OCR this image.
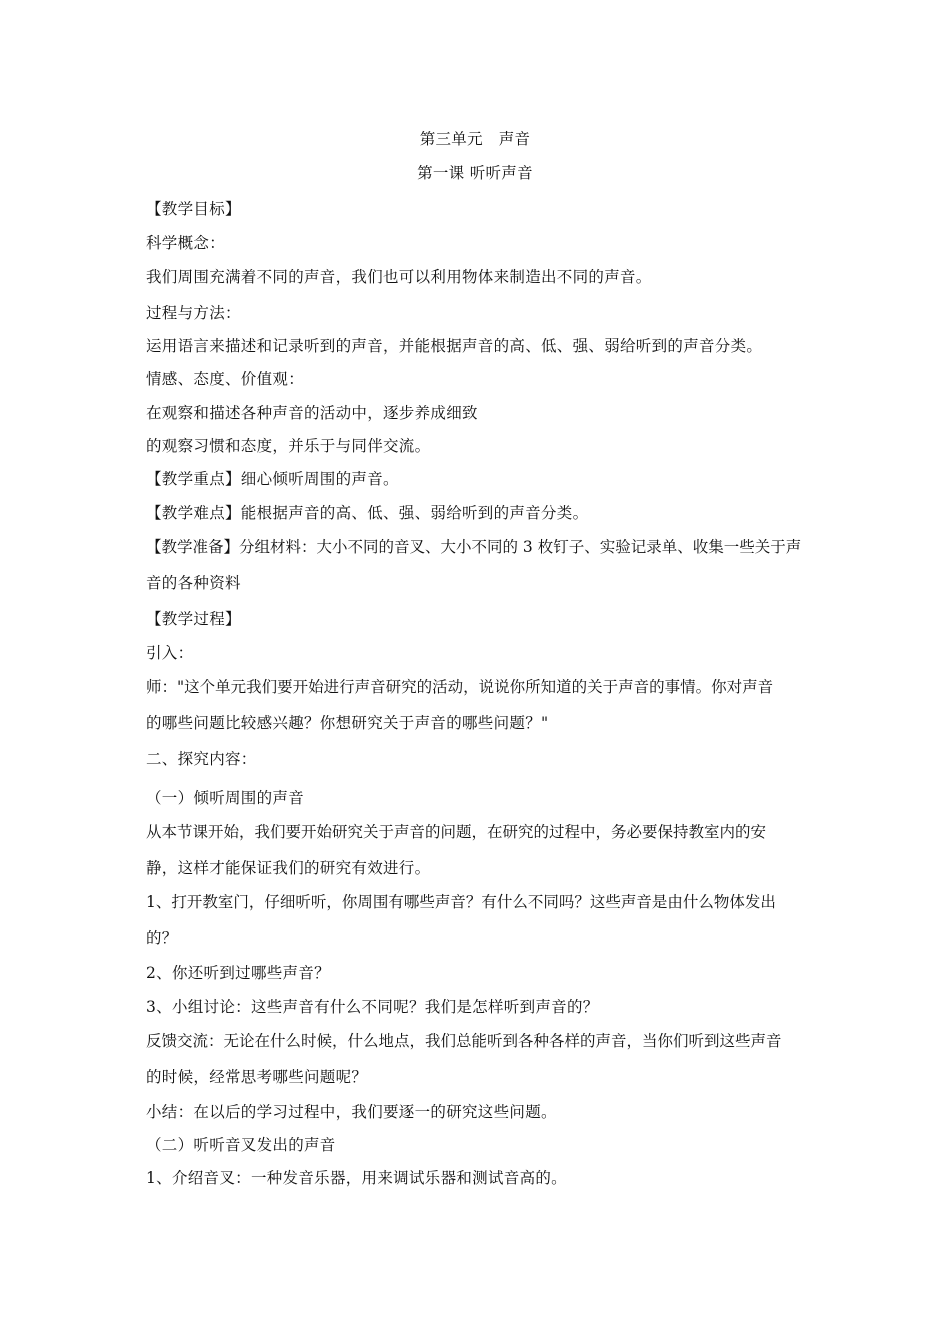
第三单元　声音
第一课 听听声音
【教学目标】
科学概念：
我们周围充满着不同的声音，我们也可以利用物体来制造出不同的声音。
过程与方法：
运用语言来描述和记录听到的声音，并能根据声音的高、低、强、弱给听到的声音分类。
情感、态度、价值观：
在观察和描述各种声音的活动中，逐步养成细致
的观察习惯和态度，并乐于与同伴交流。
【教学重点】细心倾听周围的声音。
【教学难点】能根据声音的高、低、强、弱给听到的声音分类。
【教学准备】分组材料：大小不同的音叉、大小不同的 3 枚钉子、实验记录单、收集一些关于声
音的各种资料
【教学过程】
引入：
师："这个单元我们要开始进行声音研究的活动，说说你所知道的关于声音的事情。你对声音
的哪些问题比较感兴趣？你想研究关于声音的哪些问题？"
二、探究内容：
（一）倾听周围的声音
从本节课开始，我们要开始研究关于声音的问题，在研究的过程中，务必要保持教室内的安
静，这样才能保证我们的研究有效进行。
1、打开教室门，仔细听听，你周围有哪些声音？有什么不同吗？这些声音是由什么物体发出
的？
2、你还听到过哪些声音？
3、小组讨论：这些声音有什么不同呢？我们是怎样听到声音的？
反馈交流：无论在什么时候，什么地点，我们总能听到各种各样的声音，当你们听到这些声音
的时候，经常思考哪些问题呢？
小结：在以后的学习过程中，我们要逐一的研究这些问题。
（二）听听音叉发出的声音
1、介绍音叉：一种发音乐器，用来调试乐器和测试音高的。
